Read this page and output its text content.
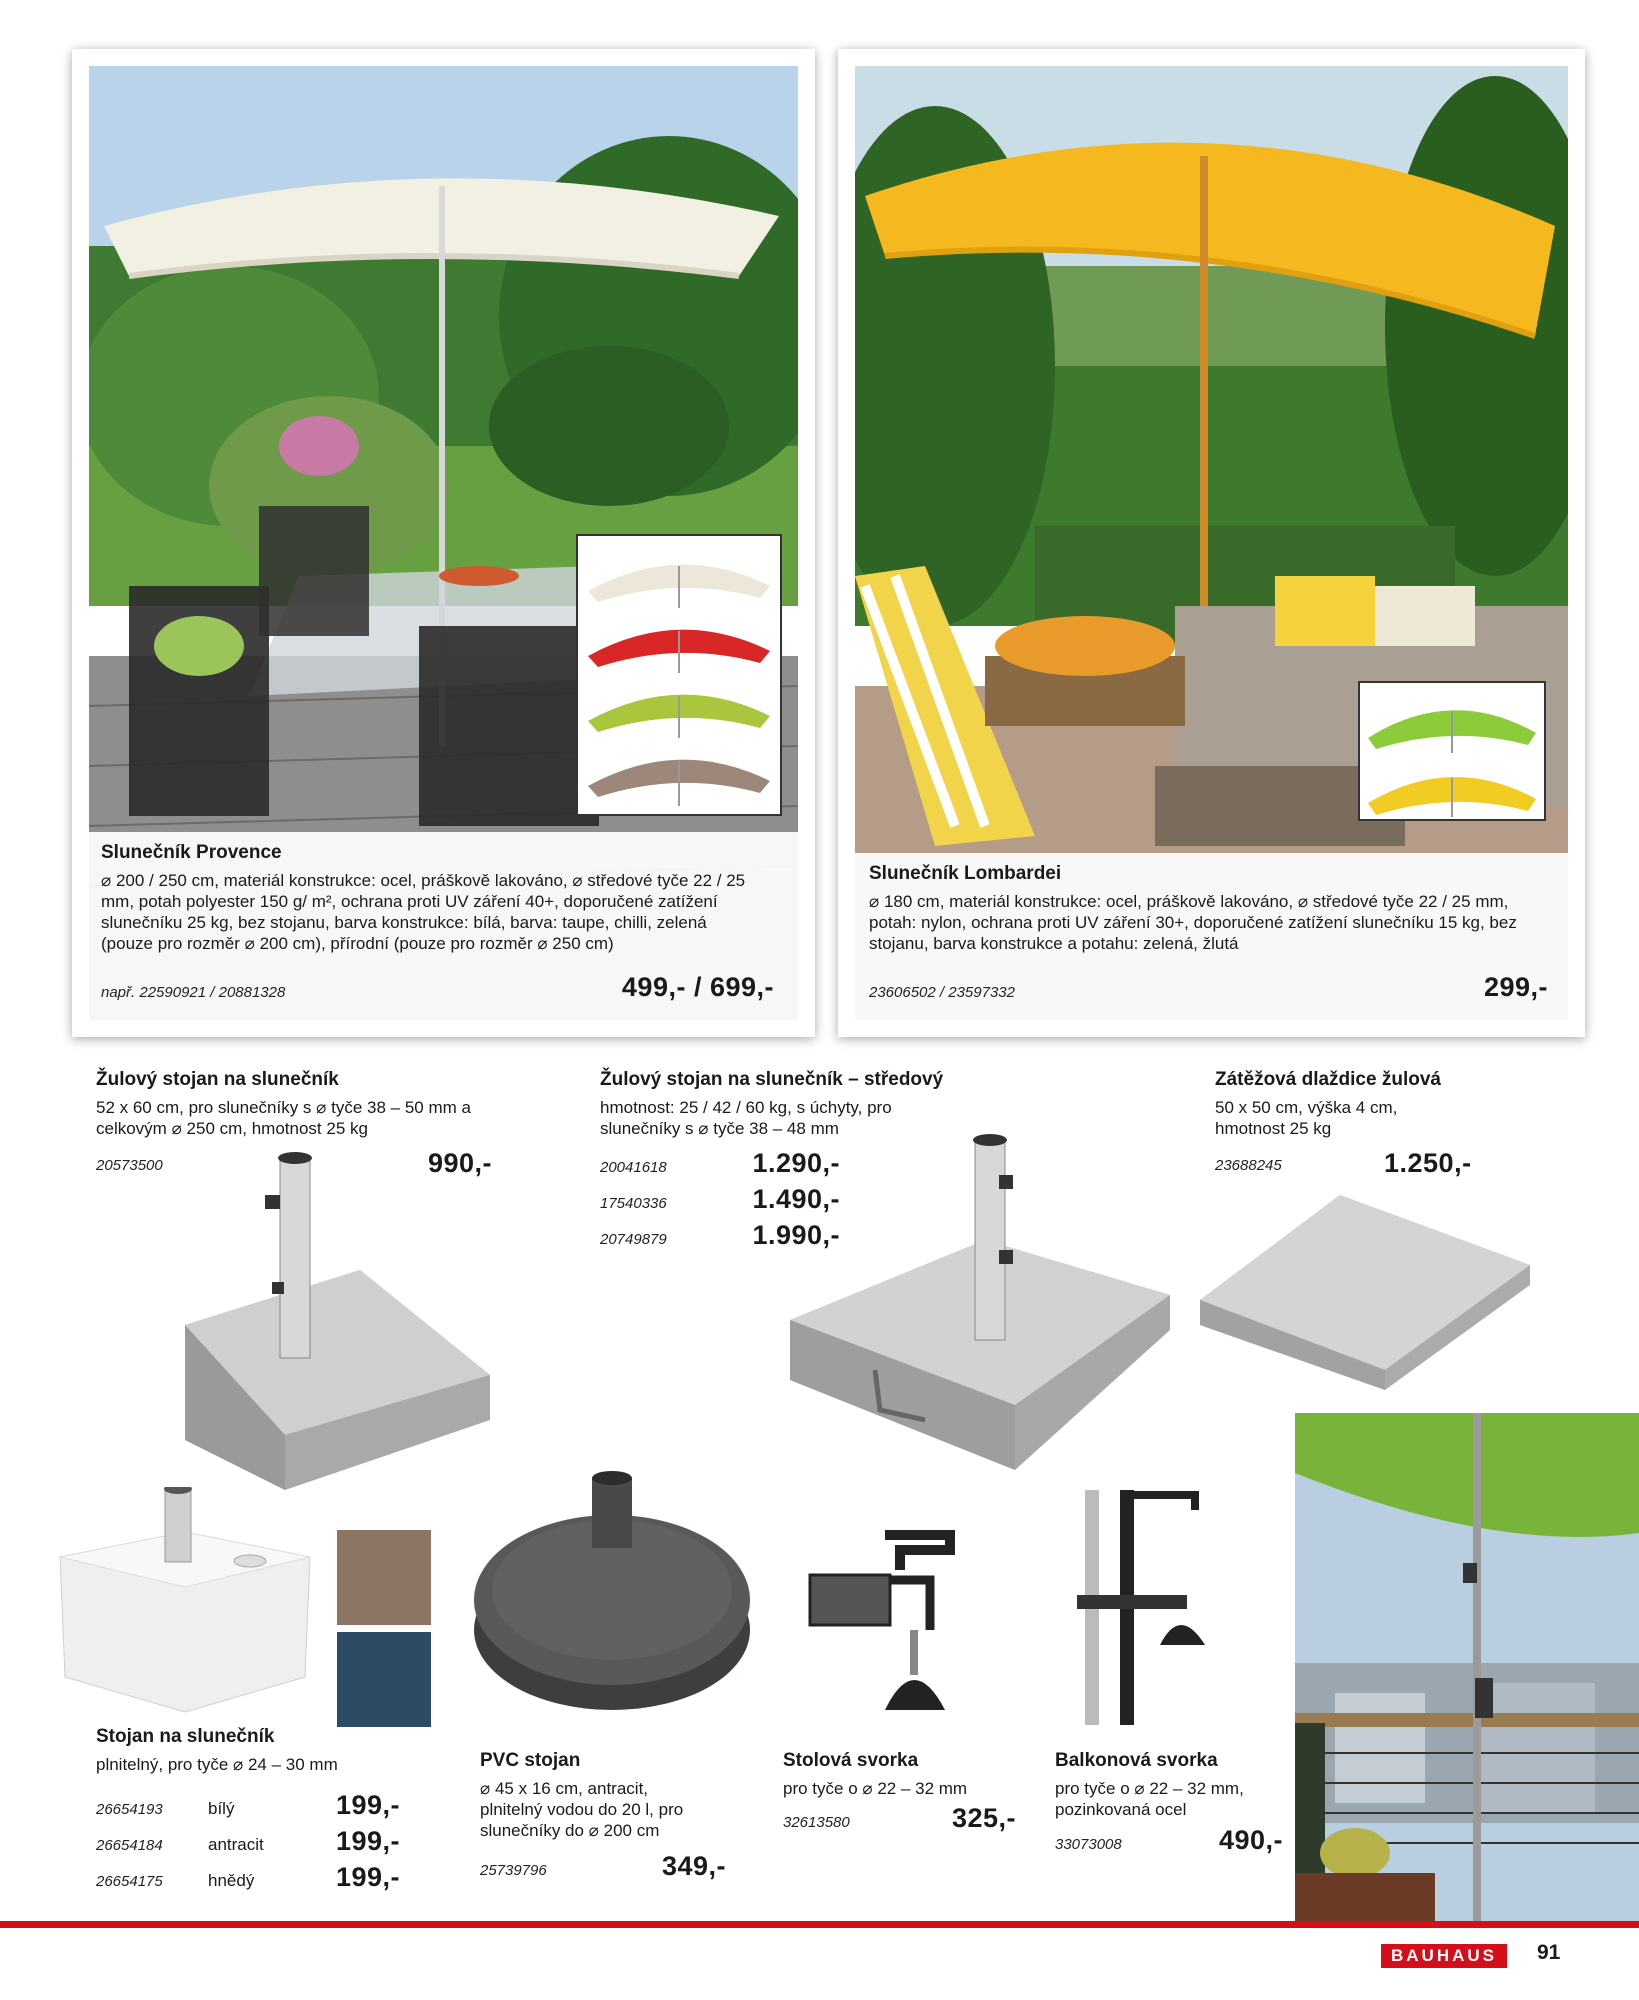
Slunečník Provence
⌀ 200 / 250 cm, materiál konstrukce: ocel, práškově lakováno, ⌀ středové tyče 22 / 25 mm, potah polyester 150 g/ m², ochrana proti UV záření 40+, doporučené zatížení slunečníku 25 kg, bez stojanu, barva konstrukce: bílá, barva: taupe, chilli, zelená (pouze pro rozměr ⌀ 200 cm), přírodní (pouze pro rozměr ⌀ 250 cm)
např. 22590921 / 20881328	499,- / 699,-
Slunečník Lombardei
⌀ 180 cm, materiál konstrukce: ocel, práškově lakováno, ⌀ středové tyče 22 / 25 mm, potah: nylon, ochrana proti UV záření 30+, doporučené zatížení slunečníku 15 kg, bez stojanu, barva konstrukce a potahu: zelená, žlutá
23606502 / 23597332	299,-
Žulový stojan na slunečník
52 x 60 cm, pro slunečníky s ⌀ tyče 38 – 50 mm a celkovým ⌀ 250 cm, hmotnost 25 kg
20573500	990,-
Žulový stojan na slunečník – středový
hmotnost: 25 / 42 / 60 kg, s úchyty, pro slunečníky s ⌀ tyče 38 – 48 mm
20041618	1.290,-
17540336	1.490,-
20749879	1.990,-
Zátěžová dlaždice žulová
50 x 50 cm, výška 4 cm, hmotnost 25 kg
23688245	1.250,-
Stojan na slunečník
plnitelný, pro tyče ⌀ 24 – 30 mm
26654193	bílý	199,-
26654184	antracit	199,-
26654175	hnědý	199,-
PVC stojan
⌀ 45 x 16 cm, antracit, plnitelný vodou do 20 l, pro slunečníky do ⌀ 200 cm
25739796	349,-
Stolová svorka
pro tyče o ⌀ 22 – 32 mm
32613580	325,-
Balkonová svorka
pro tyče o ⌀ 22 – 32 mm, pozinkovaná ocel
33073008	490,-
BAUHAUS	91
